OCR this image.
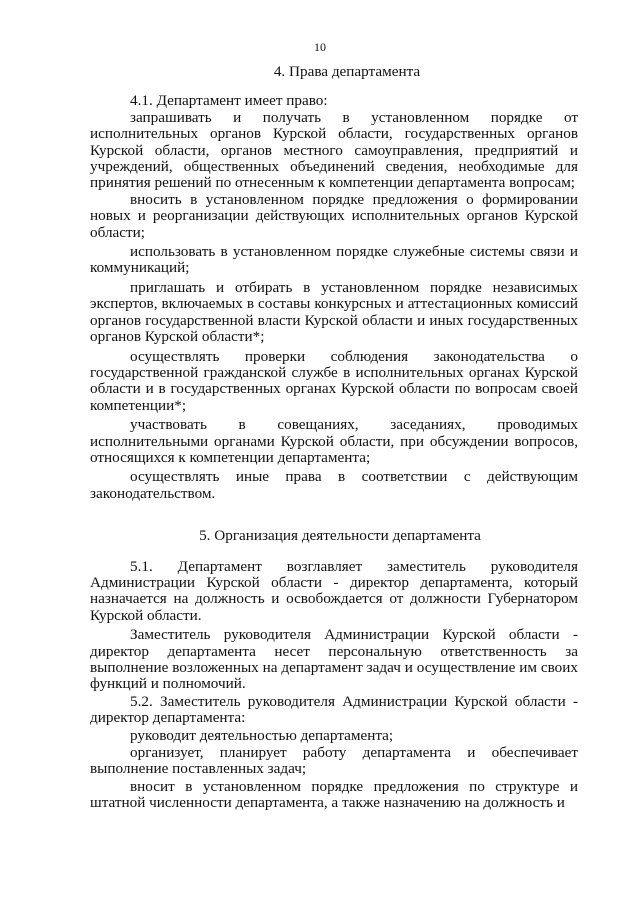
10

4. Права департамента

4.1. Департамент имеет право:

запрашивать и получать в установленном порядке от исполнительных органов Курской области, государственных органов Курской области, органов местного самоуправления, предприятий и учреждений, общественных объединений сведения, необходимые для принятия решений по отнесенным к компетенции департамента вопросам;

вносить в установленном порядке предложения о формировании новых и реорганизации действующих исполнительных органов Курской области;

использовать в установленном порядке служебные системы связи и коммуникаций;

приглашать и отбирать в установленном порядке независимых экспертов, включаемых в составы конкурсных и аттестационных комиссий органов государственной власти Курской области и иных государственных органов Курской области*;

осуществлять проверки соблюдения законодательства о государственной гражданской службе в исполнительных органах Курской области и в государственных органах Курской области по вопросам своей компетенции*;

участвовать в совещаниях, заседаниях, проводимых исполнительными органами Курской области, при обсуждении вопросов, относящихся к компетенции департамента;

осуществлять иные права в соответствии с действующим законодательством.

5. Организация деятельности департамента

5.1. Департамент возглавляет заместитель руководителя Администрации Курской области - директор департамента, который назначается на должность и освобождается от должности Губернатором Курской области.

Заместитель руководителя Администрации Курской области - директор департамента несет персональную ответственность за выполнение возложенных на департамент задач и осуществление им своих функций и полномочий.

5.2. Заместитель руководителя Администрации Курской области - директор департамента:

руководит деятельностью департамента;

организует, планирует работу департамента и обеспечивает выполнение поставленных задач;

вносит в установленном порядке предложения по структуре и штатной численности департамента, а также назначению на должность и
